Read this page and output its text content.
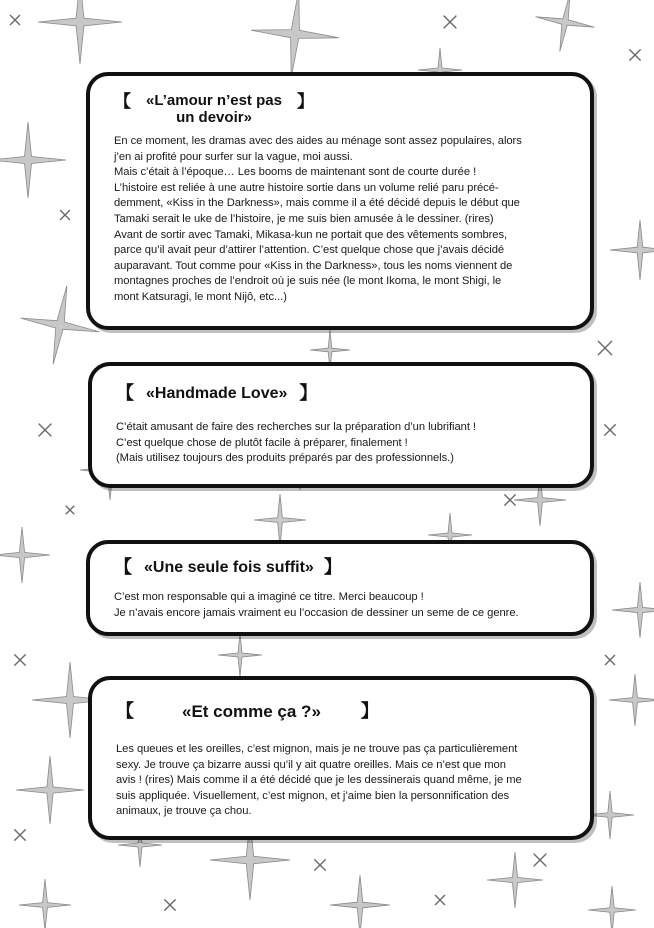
【	«L’amour n’est pas un devoir»
】

En ce moment, les dramas avec des aides au ménage sont assez populaires, alors
j’en ai profité pour surfer sur la vague, moi aussi.
Mais c’était à l’époque… Les booms de maintenant sont de courte durée !
L’histoire est reliée à une autre histoire sortie dans un volume relié paru précé-
demment, «Kiss in the Darkness», mais comme il a été décidé depuis le début que
Tamaki serait le uke de l’histoire, je me suis bien amusée à le dessiner. (rires)
Avant de sortir avec Tamaki, Mikasa-kun ne portait que des vêtements sombres,
parce qu’il avait peur d’attirer l’attention. C’est quelque chose que j’avais décidé
auparavant. Tout comme pour «Kiss in the Darkness», tous les noms viennent de
montagnes proches de l’endroit où je suis née (le mont Ikoma, le mont Shigi, le
mont Katsuragi, le mont Nijô, etc...)

【 «Handmade Love» 】

C’était amusant de faire des recherches sur la préparation d’un lubrifiant !
C’est quelque chose de plutôt facile à préparer, finalement !
(Mais utilisez toujours des produits préparés par des professionnels.)

【 «Une seule fois suffit» 】

C’est mon responsable qui a imaginé ce titre. Merci beaucoup !
Je n’avais encore jamais vraiment eu l’occasion de dessiner un seme de ce genre.

【	«Et comme ça ?» 】

Les queues et les oreilles, c’est mignon, mais je ne trouve pas ça particulièrement
sexy. Je trouve ça bizarre aussi qu’il y ait quatre oreilles. Mais ce n’est que mon
avis ! (rires) Mais comme il a été décidé que je les dessinerais quand même, je me
suis appliquée. Visuellement, c’est mignon, et j’aime bien la personnification des
animaux, je trouve ça chou.
